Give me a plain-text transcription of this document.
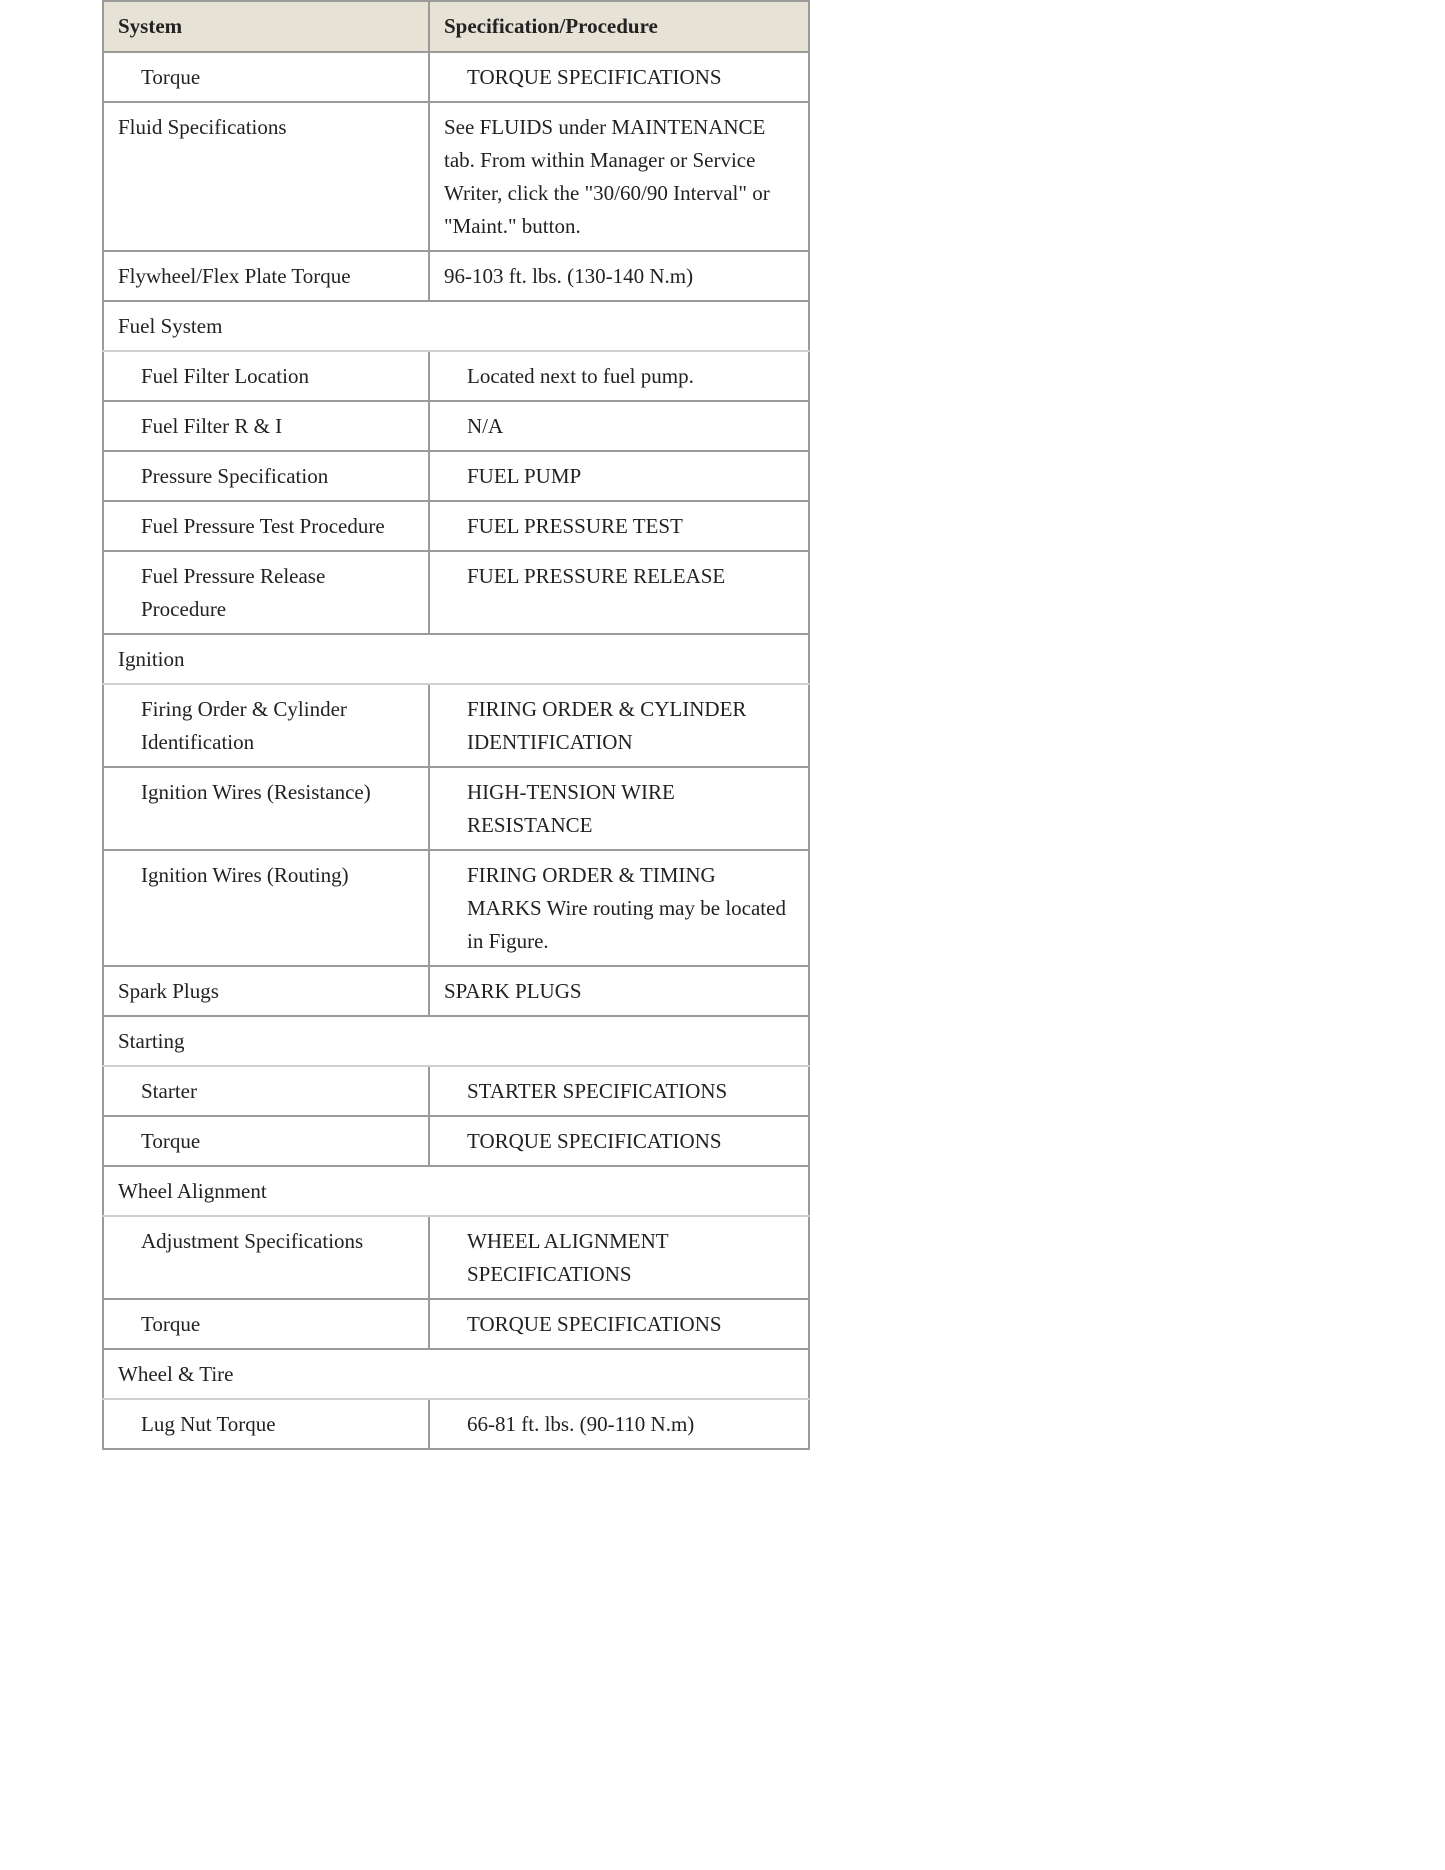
System	Specification/Procedure
Torque	TORQUE SPECIFICATIONS
Fluid Specifications	See FLUIDS under MAINTENANCE tab. From within Manager or Service Writer, click the "30/60/90 Interval" or "Maint." button.
Flywheel/Flex Plate Torque	96-103 ft. lbs. (130-140 N.m)
Fuel System	
Fuel Filter Location	Located next to fuel pump.
Fuel Filter R & I	N/A
Pressure Specification	FUEL PUMP
Fuel Pressure Test Procedure	FUEL PRESSURE TEST
Fuel Pressure Release Procedure	FUEL PRESSURE RELEASE
Ignition	
Firing Order & Cylinder Identification	FIRING ORDER & CYLINDER IDENTIFICATION
Ignition Wires (Resistance)	HIGH-TENSION WIRE RESISTANCE
Ignition Wires (Routing)	FIRING ORDER & TIMING MARKS Wire routing may be located in Figure.
Spark Plugs	SPARK PLUGS
Starting	
Starter	STARTER SPECIFICATIONS
Torque	TORQUE SPECIFICATIONS
Wheel Alignment	
Adjustment Specifications	WHEEL ALIGNMENT SPECIFICATIONS
Torque	TORQUE SPECIFICATIONS
Wheel & Tire	
Lug Nut Torque	66-81 ft. lbs. (90-110 N.m)
